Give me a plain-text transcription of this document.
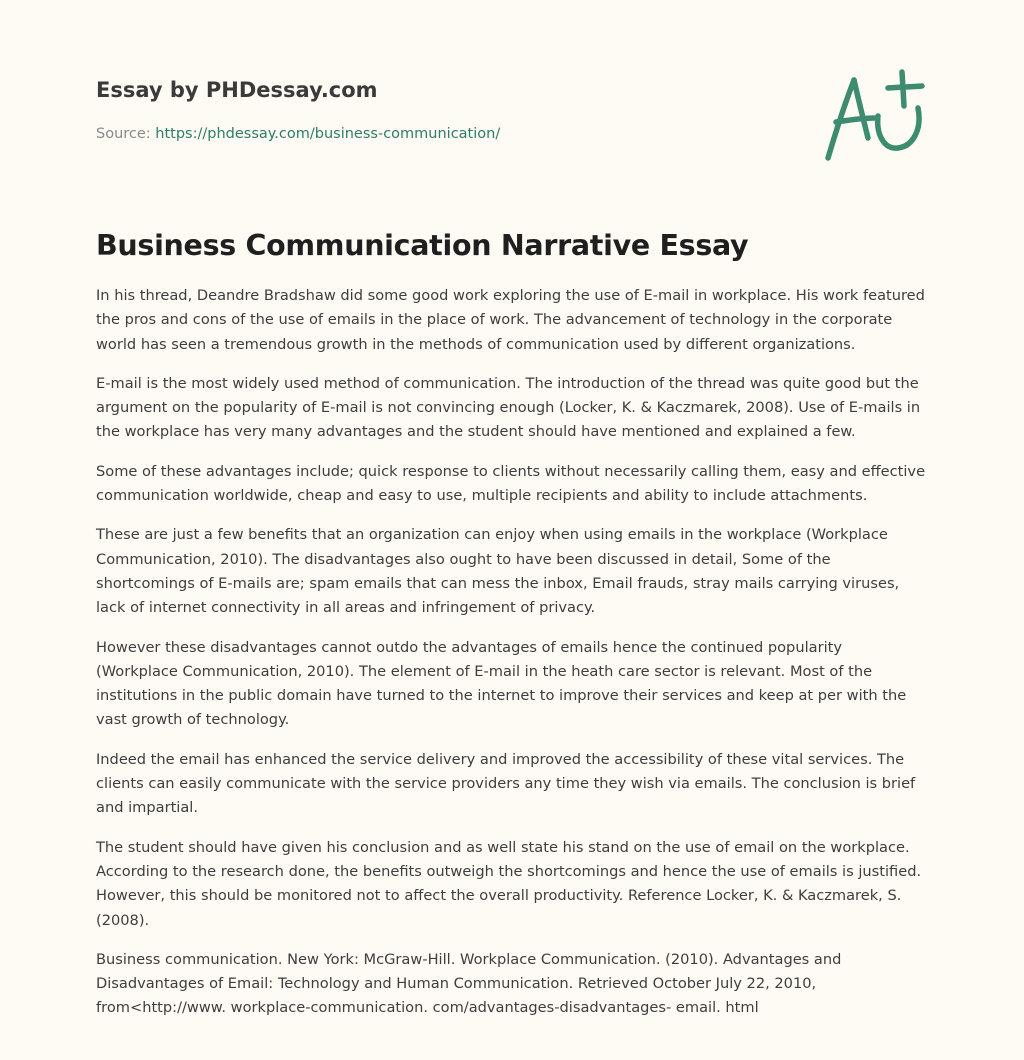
Essay by PHDessay.com
Source: https://phdessay.com/business-communication/
Business Communication Narrative Essay

In his thread, Deandre Bradshaw did some good work exploring the use of E-mail in workplace. His work featured the pros and cons of the use of emails in the place of work. The advancement of technology in the corporate world has seen a tremendous growth in the methods of communication used by different organizations.

E-mail is the most widely used method of communication. The introduction of the thread was quite good but the argument on the popularity of E-mail is not convincing enough (Locker, K. & Kaczmarek, 2008). Use of E-mails in the workplace has very many advantages and the student should have mentioned and explained a few.

Some of these advantages include; quick response to clients without necessarily calling them, easy and effective communication worldwide, cheap and easy to use, multiple recipients and ability to include attachments.

These are just a few benefits that an organization can enjoy when using emails in the workplace (Workplace Communication, 2010). The disadvantages also ought to have been discussed in detail, Some of the shortcomings of E-mails are; spam emails that can mess the inbox, Email frauds, stray mails carrying viruses, lack of internet connectivity in all areas and infringement of privacy.

However these disadvantages cannot outdo the advantages of emails hence the continued popularity (Workplace Communication, 2010). The element of E-mail in the heath care sector is relevant. Most of the institutions in the public domain have turned to the internet to improve their services and keep at per with the vast growth of technology.

Indeed the email has enhanced the service delivery and improved the accessibility of these vital services. The clients can easily communicate with the service providers any time they wish via emails. The conclusion is brief and impartial.

The student should have given his conclusion and as well state his stand on the use of email on the workplace. According to the research done, the benefits outweigh the shortcomings and hence the use of emails is justified. However, this should be monitored not to affect the overall productivity. Reference Locker, K. & Kaczmarek, S. (2008).

Business communication. New York: McGraw-Hill. Workplace Communication. (2010). Advantages and Disadvantages of Email: Technology and Human Communication. Retrieved October July 22, 2010, from<http://www. workplace-communication. com/advantages-disadvantages- email. html
